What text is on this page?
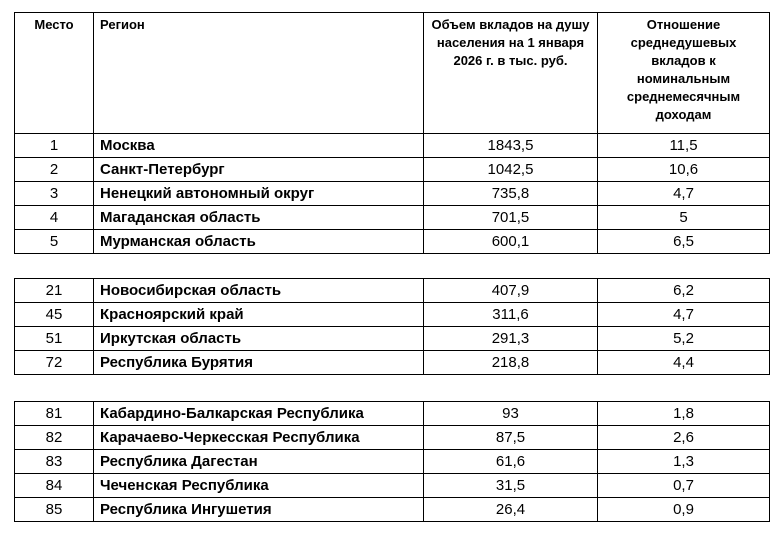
Место	Регион	Объем вкладов на душу населения на 1 января 2026 г. в тыс. руб.	Отношение среднедушевых вкладов к номинальным среднемесячным доходам
1	Москва	1843,5	11,5
2	Санкт-Петербург	1042,5	10,6
3	Ненецкий автономный округ	735,8	4,7
4	Магаданская область	701,5	5
5	Мурманская область	600,1	6,5
21	Новосибирская область	407,9	6,2
45	Красноярский край	311,6	4,7
51	Иркутская область	291,3	5,2
72	Республика Бурятия	218,8	4,4
81	Кабардино-Балкарская Республика	93	1,8
82	Карачаево-Черкесская Республика	87,5	2,6
83	Республика Дагестан	61,6	1,3
84	Чеченская Республика	31,5	0,7
85	Республика Ингушетия	26,4	0,9
